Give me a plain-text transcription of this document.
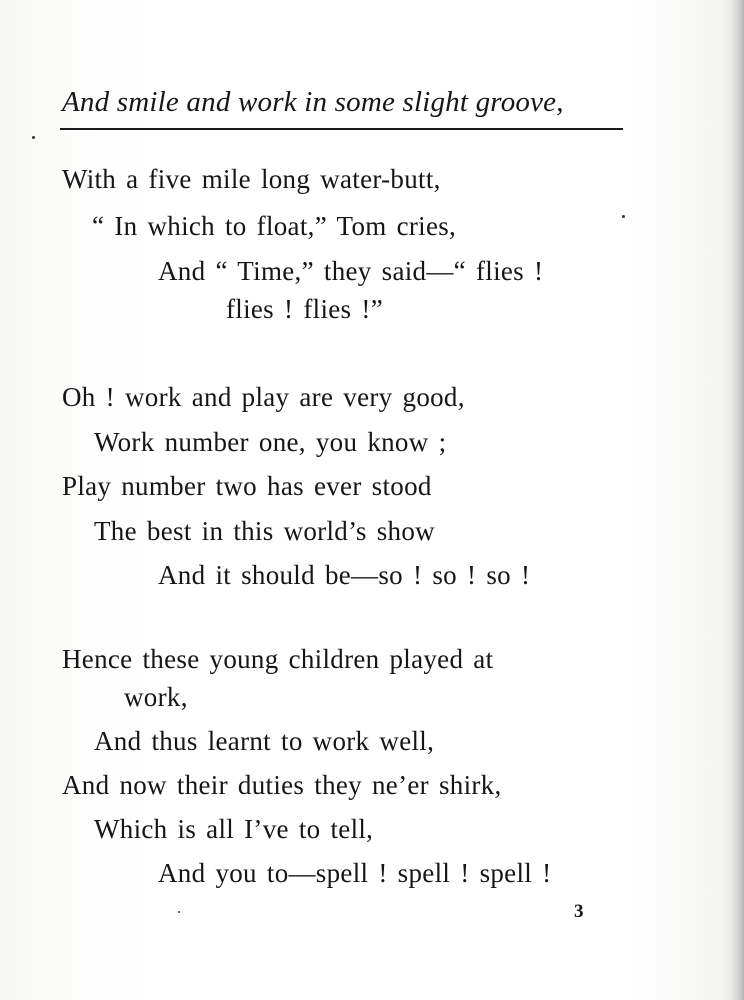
And smile and work in some slight groove,
With a five mile long water-butt,
“ In which to float,” Tom cries,
And “ Time,” they said—“ flies !
flies ! flies !”
Oh ! work and play are very good,
Work number one, you know ;
Play number two has ever stood
The best in this world’s show
And it should be—so ! so ! so !
Hence these young children played at
work,
And thus learnt to work well,
And now their duties they ne’er shirk,
Which is all I’ve to tell,
And you to—spell ! spell ! spell !
3
